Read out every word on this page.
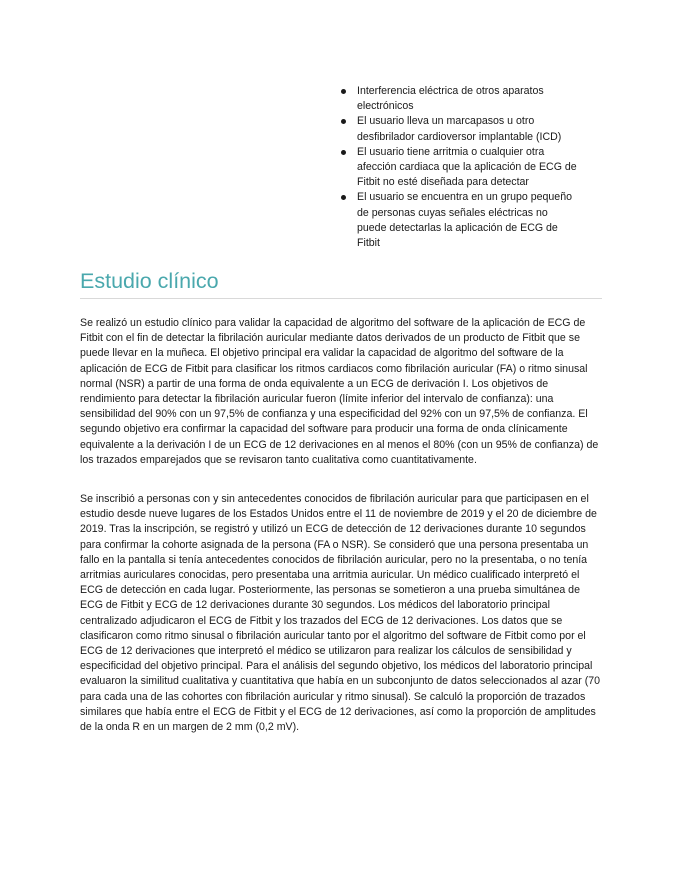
Interferencia eléctrica de otros aparatos electrónicos
El usuario lleva un marcapasos u otro desfibrilador cardioversor implantable (ICD)
El usuario tiene arritmia o cualquier otra afección cardiaca que la aplicación de ECG de Fitbit no esté diseñada para detectar
El usuario se encuentra en un grupo pequeño de personas cuyas señales eléctricas no puede detectarlas la aplicación de ECG de Fitbit
Estudio clínico

Se realizó un estudio clínico para validar la capacidad de algoritmo del software de la aplicación de ECG de Fitbit con el fin de detectar la fibrilación auricular mediante datos derivados de un producto de Fitbit que se puede llevar en la muñeca. El objetivo principal era validar la capacidad de algoritmo del software de la aplicación de ECG de Fitbit para clasificar los ritmos cardiacos como fibrilación auricular (FA) o ritmo sinusal normal (NSR) a partir de una forma de onda equivalente a un ECG de derivación I. Los objetivos de rendimiento para detectar la fibrilación auricular fueron (límite inferior del intervalo de confianza): una sensibilidad del 90% con un 97,5% de confianza y una especificidad del 92% con un 97,5% de confianza. El segundo objetivo era confirmar la capacidad del software para producir una forma de onda clínicamente equivalente a la derivación I de un ECG de 12 derivaciones en al menos el 80% (con un 95% de confianza) de los trazados emparejados que se revisaron tanto cualitativa como cuantitativamente.

Se inscribió a personas con y sin antecedentes conocidos de fibrilación auricular para que participasen en el estudio desde nueve lugares de los Estados Unidos entre el 11 de noviembre de 2019 y el 20 de diciembre de 2019. Tras la inscripción, se registró y utilizó un ECG de detección de 12 derivaciones durante 10 segundos para confirmar la cohorte asignada de la persona (FA o NSR). Se consideró que una persona presentaba un fallo en la pantalla si tenía antecedentes conocidos de fibrilación auricular, pero no la presentaba, o no tenía arritmias auriculares conocidas, pero presentaba una arritmia auricular. Un médico cualificado interpretó el ECG de detección en cada lugar. Posteriormente, las personas se sometieron a una prueba simultánea de ECG de Fitbit y ECG de 12 derivaciones durante 30 segundos. Los médicos del laboratorio principal centralizado adjudicaron el ECG de Fitbit y los trazados del ECG de 12 derivaciones. Los datos que se clasificaron como ritmo sinusal o fibrilación auricular tanto por el algoritmo del software de Fitbit como por el ECG de 12 derivaciones que interpretó el médico se utilizaron para realizar los cálculos de sensibilidad y especificidad del objetivo principal. Para el análisis del segundo objetivo, los médicos del laboratorio principal evaluaron la similitud cualitativa y cuantitativa que había en un subconjunto de datos seleccionados al azar (70 para cada una de las cohortes con fibrilación auricular y ritmo sinusal). Se calculó la proporción de trazados similares que había entre el ECG de Fitbit y el ECG de 12 derivaciones, así como la proporción de amplitudes de la onda R en un margen de 2 mm (0,2 mV).
